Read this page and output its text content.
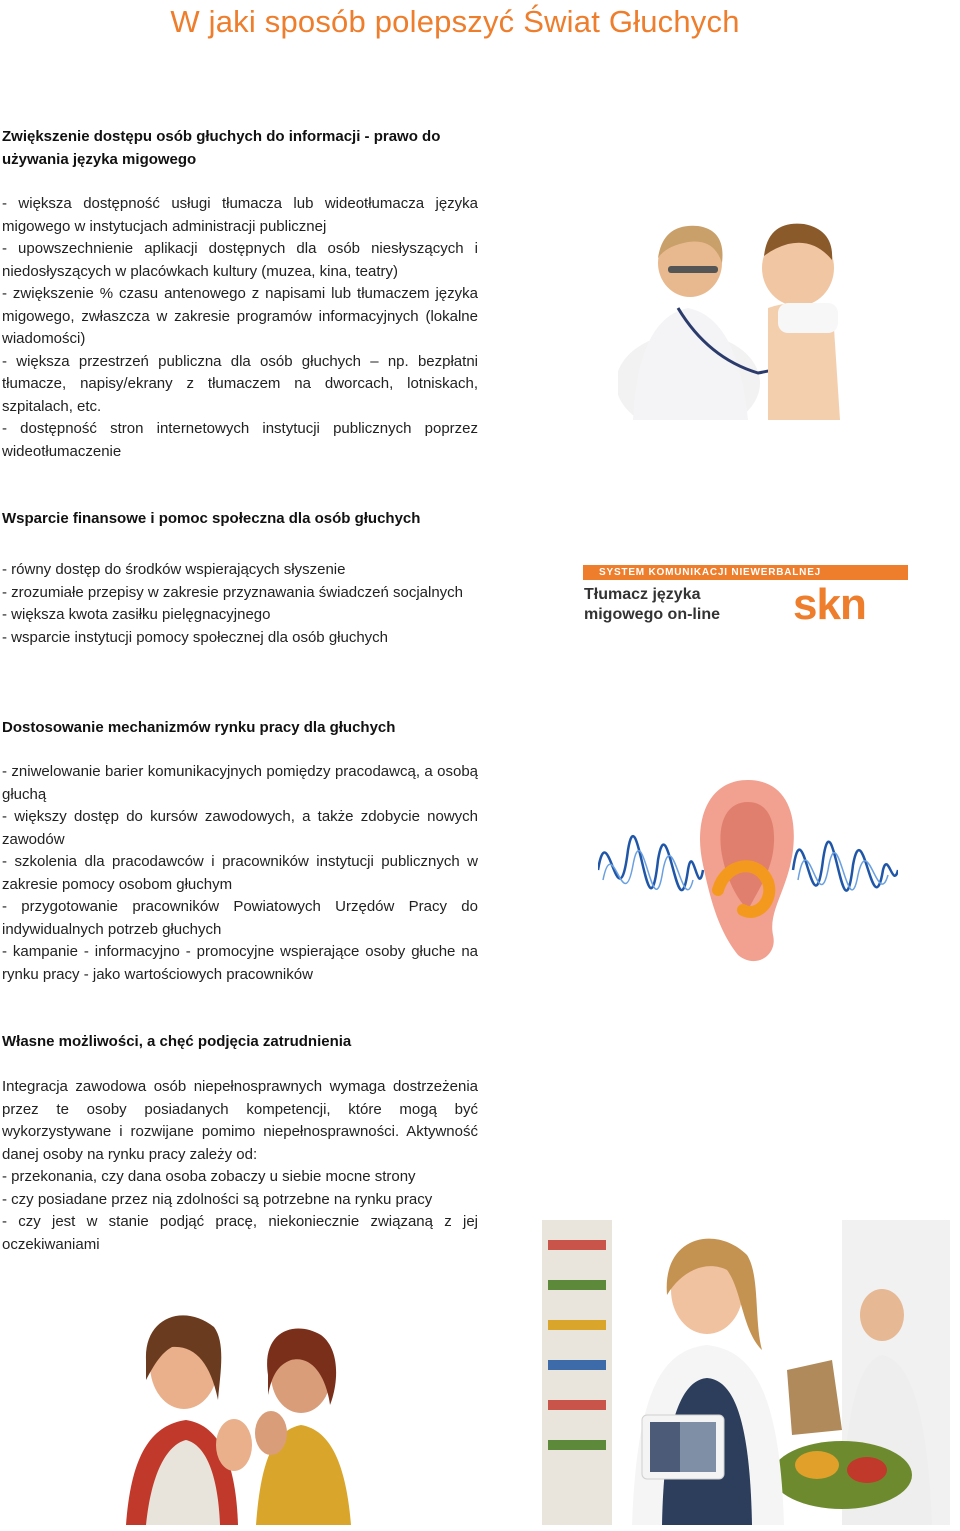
W jaki sposób polepszyć Świat Głuchych
Zwiększenie dostępu osób głuchych do informacji - prawo do używania języka migowego

- większa dostępność usługi tłumacza lub wideotłumacza języka migowego w instytucjach administracji publicznej

- upowszechnienie aplikacji dostępnych dla osób niesłyszących i niedosłyszących w placówkach kultury (muzea, kina, teatry)

- zwiększenie % czasu antenowego z napisami lub tłumaczem języka migowego, zwłaszcza w zakresie programów informacyjnych (lokalne wiadomości)

- większa przestrzeń publiczna dla osób głuchych – np. bezpłatni tłumacze, napisy/ekrany z tłumaczem na dworcach, lotniskach, szpitalach, etc.

- dostępność stron internetowych instytucji publicznych poprzez wideotłumaczenie

Wsparcie finansowe i pomoc społeczna dla osób głuchych

- równy dostęp do środków wspierających słyszenie

- zrozumiałe przepisy w zakresie przyznawania świadczeń socjalnych

- większa kwota zasiłku pielęgnacyjnego

- wsparcie instytucji pomocy społecznej dla osób głuchych

SYSTEM KOMUNIKACJI NIEWERBALNEJ
Tłumacz języka migowego on-line	skn
Dostosowanie mechanizmów rynku pracy dla głuchych

- zniwelowanie barier komunikacyjnych pomiędzy pracodawcą, a osobą głuchą

- większy dostęp do kursów zawodowych, a także zdobycie nowych zawodów

- szkolenia dla pracodawców i pracowników instytucji publicznych w zakresie pomocy osobom głuchym

- przygotowanie pracowników Powiatowych Urzędów Pracy do indywidualnych potrzeb głuchych

- kampanie - informacyjno - promocyjne wspierające osoby głuche na rynku pracy - jako wartościowych pracowników

Własne możliwości, a chęć podjęcia zatrudnienia

Integracja zawodowa osób niepełnosprawnych wymaga dostrzeżenia przez te osoby posiadanych kompetencji, które mogą być wykorzystywane i rozwijane pomimo niepełnosprawności. Aktywność danej osoby na rynku pracy zależy od:

- przekonania, czy dana osoba zobaczy u siebie mocne strony

- czy posiadane przez nią zdolności są potrzebne na rynku pracy

- czy jest w stanie podjąć pracę, niekoniecznie związaną z jej oczekiwaniami
